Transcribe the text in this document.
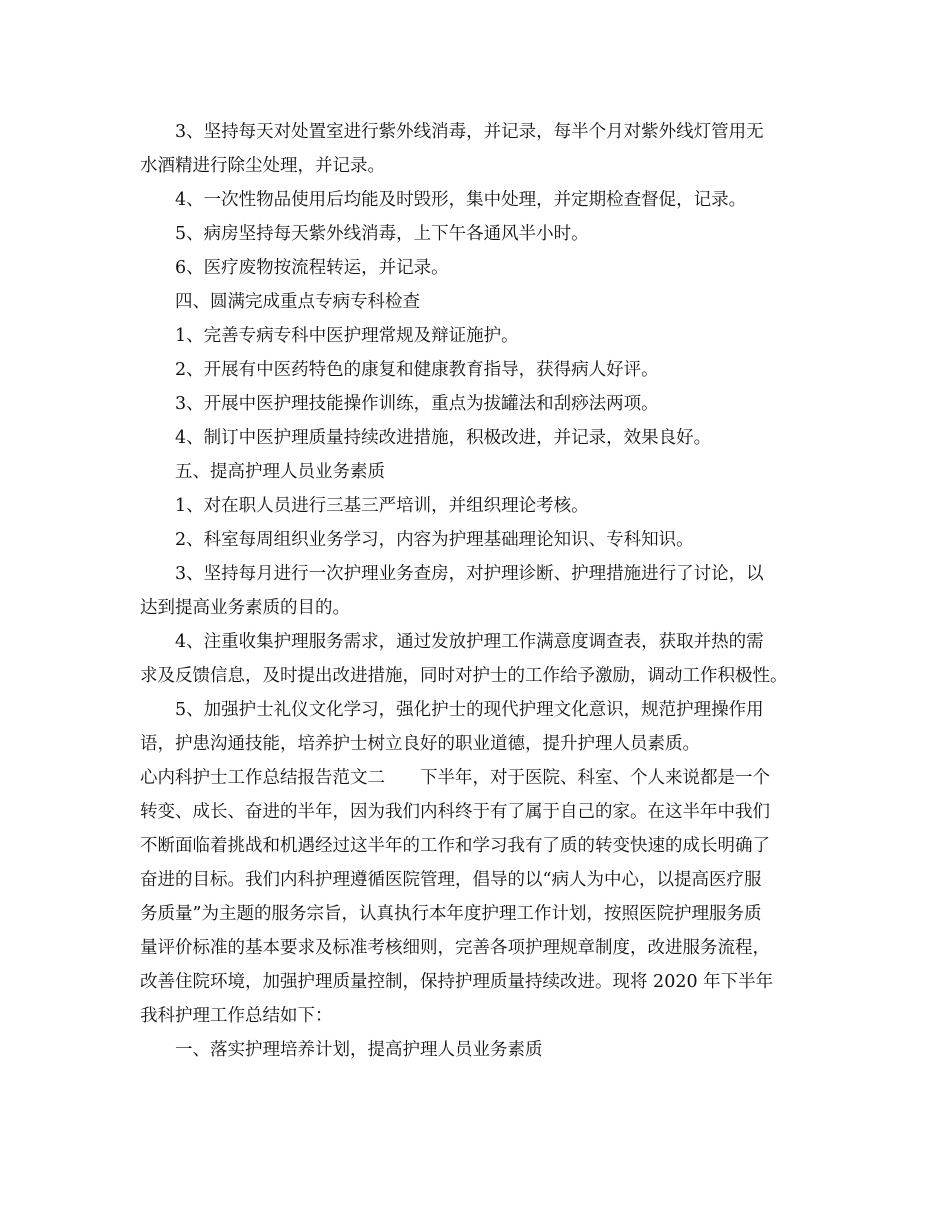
3、坚持每天对处置室进行紫外线消毒，并记录，每半个月对紫外线灯管用无
水酒精进行除尘处理，并记录。
4、一次性物品使用后均能及时毁形，集中处理，并定期检查督促，记录。
5、病房坚持每天紫外线消毒，上下午各通风半小时。
6、医疗废物按流程转运，并记录。
四、圆满完成重点专病专科检查
1、完善专病专科中医护理常规及辩证施护。
2、开展有中医药特色的康复和健康教育指导，获得病人好评。
3、开展中医护理技能操作训练，重点为拔罐法和刮痧法两项。
4、制订中医护理质量持续改进措施，积极改进，并记录，效果良好。
五、提高护理人员业务素质
1、对在职人员进行三基三严培训，并组织理论考核。
2、科室每周组织业务学习，内容为护理基础理论知识、专科知识。
3、坚持每月进行一次护理业务查房，对护理诊断、护理措施进行了讨论，以
达到提高业务素质的目的。
4、注重收集护理服务需求，通过发放护理工作满意度调查表，获取并热的需
求及反馈信息，及时提出改进措施，同时对护士的工作给予激励，调动工作积极性。
5、加强护士礼仪文化学习，强化护士的现代护理文化意识，规范护理操作用
语，护患沟通技能，培养护士树立良好的职业道德，提升护理人员素质。
心内科护士工作总结报告范文二　　下半年，对于医院、科室、个人来说都是一个
转变、成长、奋进的半年，因为我们内科终于有了属于自己的家。在这半年中我们
不断面临着挑战和机遇经过这半年的工作和学习我有了质的转变快速的成长明确了
奋进的目标。我们内科护理遵循医院管理，倡导的以“病人为中心，以提高医疗服
务质量”为主题的服务宗旨，认真执行本年度护理工作计划，按照医院护理服务质
量评价标准的基本要求及标准考核细则，完善各项护理规章制度，改进服务流程，
改善住院环境，加强护理质量控制，保持护理质量持续改进。现将 2020 年下半年
我科护理工作总结如下：
一、落实护理培养计划，提高护理人员业务素质
